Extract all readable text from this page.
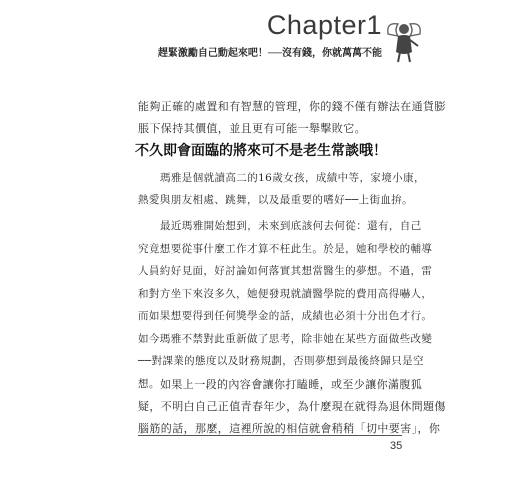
Chapter1
趕緊激勵自己動起來吧！──沒有錢，你就萬萬不能
能夠正確的處置和有智慧的管理，你的錢不僅有辦法在通貨膨
脹下保持其價值，並且更有可能一舉擊敗它。
不久即會面臨的將來可不是老生常談哦！
瑪雅是個就讀高二的16歲女孩，成績中等，家境小康，
熱愛與朋友相處、跳舞，以及最重要的嗜好──上街血拚。
最近瑪雅開始想到，未來到底該何去何從：還有，自己
究竟想要從事什麼工作才算不枉此生。於是，她和學校的輔導
人員約好見面，好討論如何落實其想當醫生的夢想。不過，雷
和對方坐下來沒多久，她便發現就讀醫學院的費用高得嚇人，
而如果想要得到任何獎學金的話，成績也必須十分出色才行。
如今瑪雅不禁對此重新做了思考，除非她在某些方面做些改變
──對課業的態度以及財務規劃，否則夢想到最後終歸只是空
想。 如果上一段的內容會讓你打瞌睡，或至少讓你滿腹狐
疑，不明白自己正值青春年少，為什麼現在就得為退休問題傷
腦筋的話，那麼，這裡所說的相信就會稍稍「切中要害」，你
35
